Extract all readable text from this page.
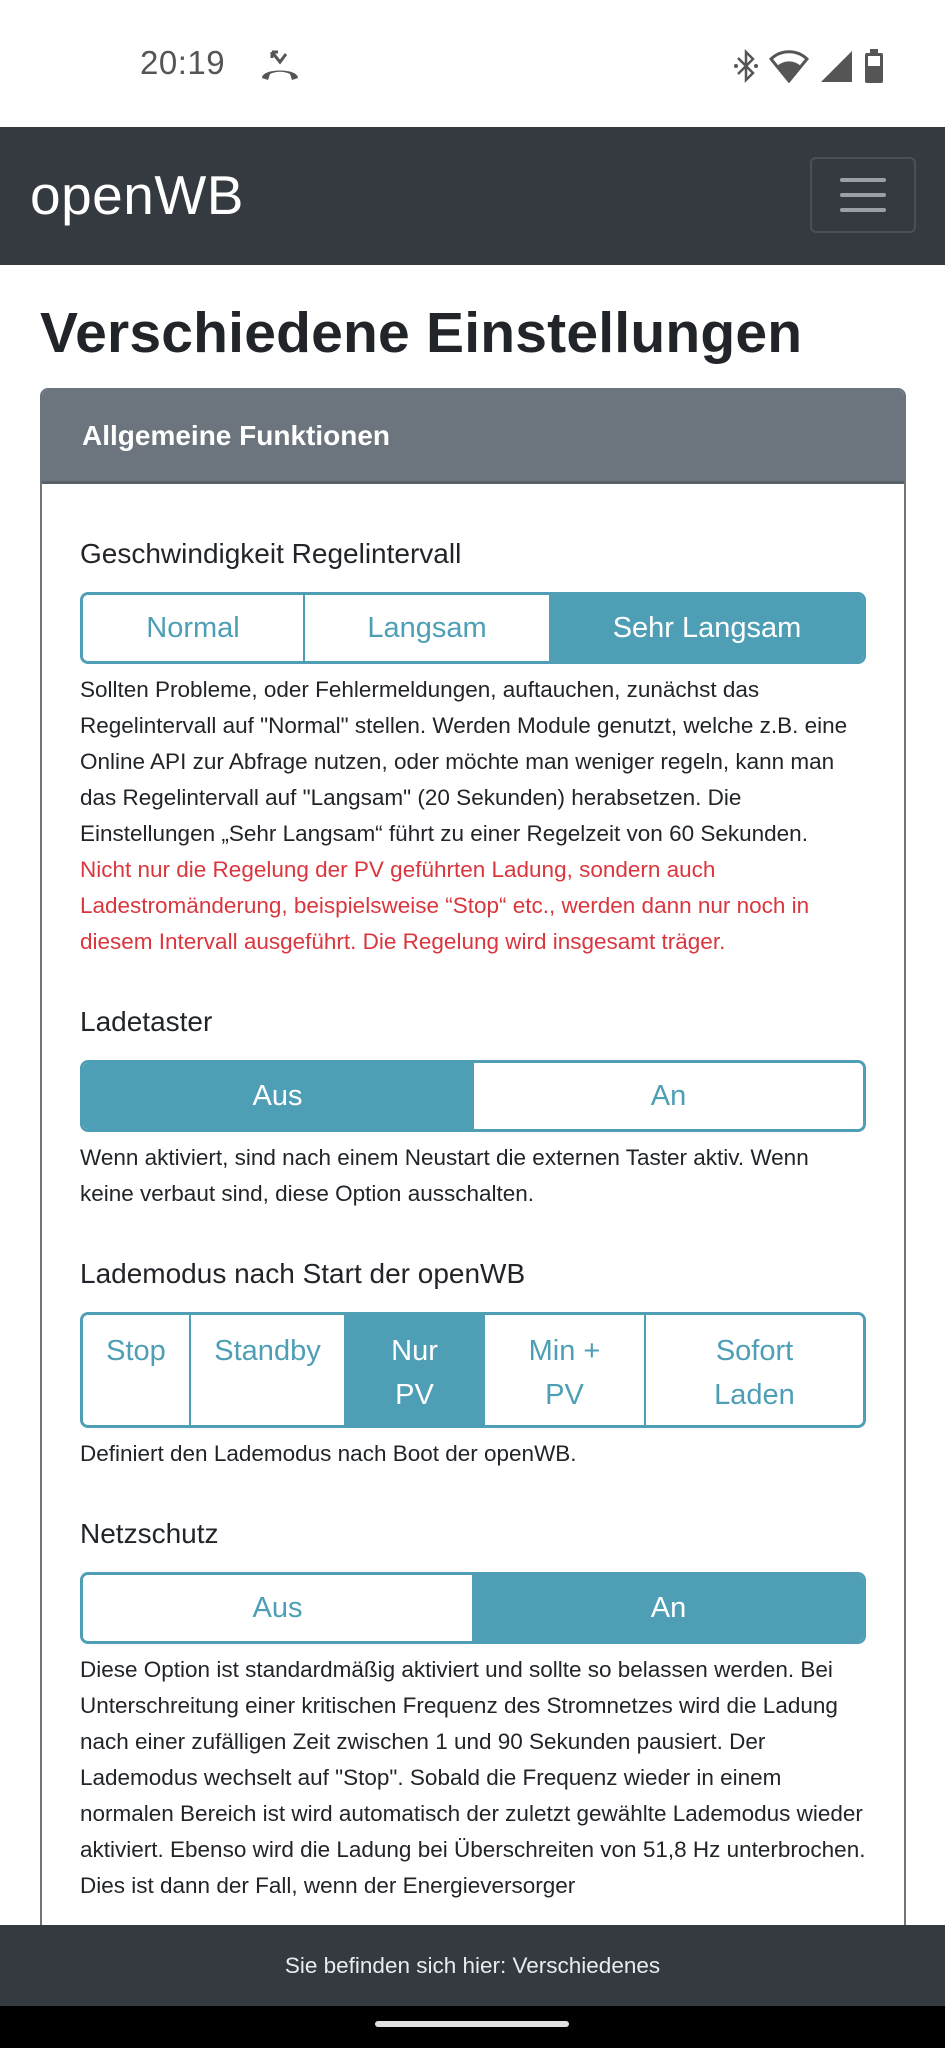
20:19
openWB
Verschiedene Einstellungen
Allgemeine Funktionen
Geschwindigkeit Regelintervall
Normal	Langsam	Sehr Langsam

Sollten Probleme, oder Fehlermeldungen, auftauchen, zunächst das Regelintervall auf "Normal" stellen. Werden Module genutzt, welche z.B. eine Online API zur Abfrage nutzen, oder möchte man weniger regeln, kann man das Regelintervall auf "Langsam" (20 Sekunden) herabsetzen. Die Einstellungen „Sehr Langsam“ führt zu einer Regelzeit von 60 Sekunden.

Nicht nur die Regelung der PV geführten Ladung, sondern auch Ladestromänderung, beispielsweise “Stop“ etc., werden dann nur noch in diesem Intervall ausgeführt. Die Regelung wird insgesamt träger.

Ladetaster
Aus	An

Wenn aktiviert, sind nach einem Neustart die externen Taster aktiv. Wenn keine verbaut sind, diese Option ausschalten.

Lademodus nach Start der openWB
Stop	Standby	Nur PV
Min + PV
Sofort Laden

Definiert den Lademodus nach Boot der openWB.

Netzschutz
Aus	An

Diese Option ist standardmäßig aktiviert und sollte so belassen werden. Bei Unterschreitung einer kritischen Frequenz des Stromnetzes wird die Ladung nach einer zufälligen Zeit zwischen 1 und 90 Sekunden pausiert. Der Lademodus wechselt auf "Stop". Sobald die Frequenz wieder in einem normalen Bereich ist wird automatisch der zuletzt gewählte Lademodus wieder aktiviert. Ebenso wird die Ladung bei Überschreiten von 51,8 Hz unterbrochen. Dies ist dann der Fall, wenn der Energieversorger

Sie befinden sich hier: Verschiedenes
